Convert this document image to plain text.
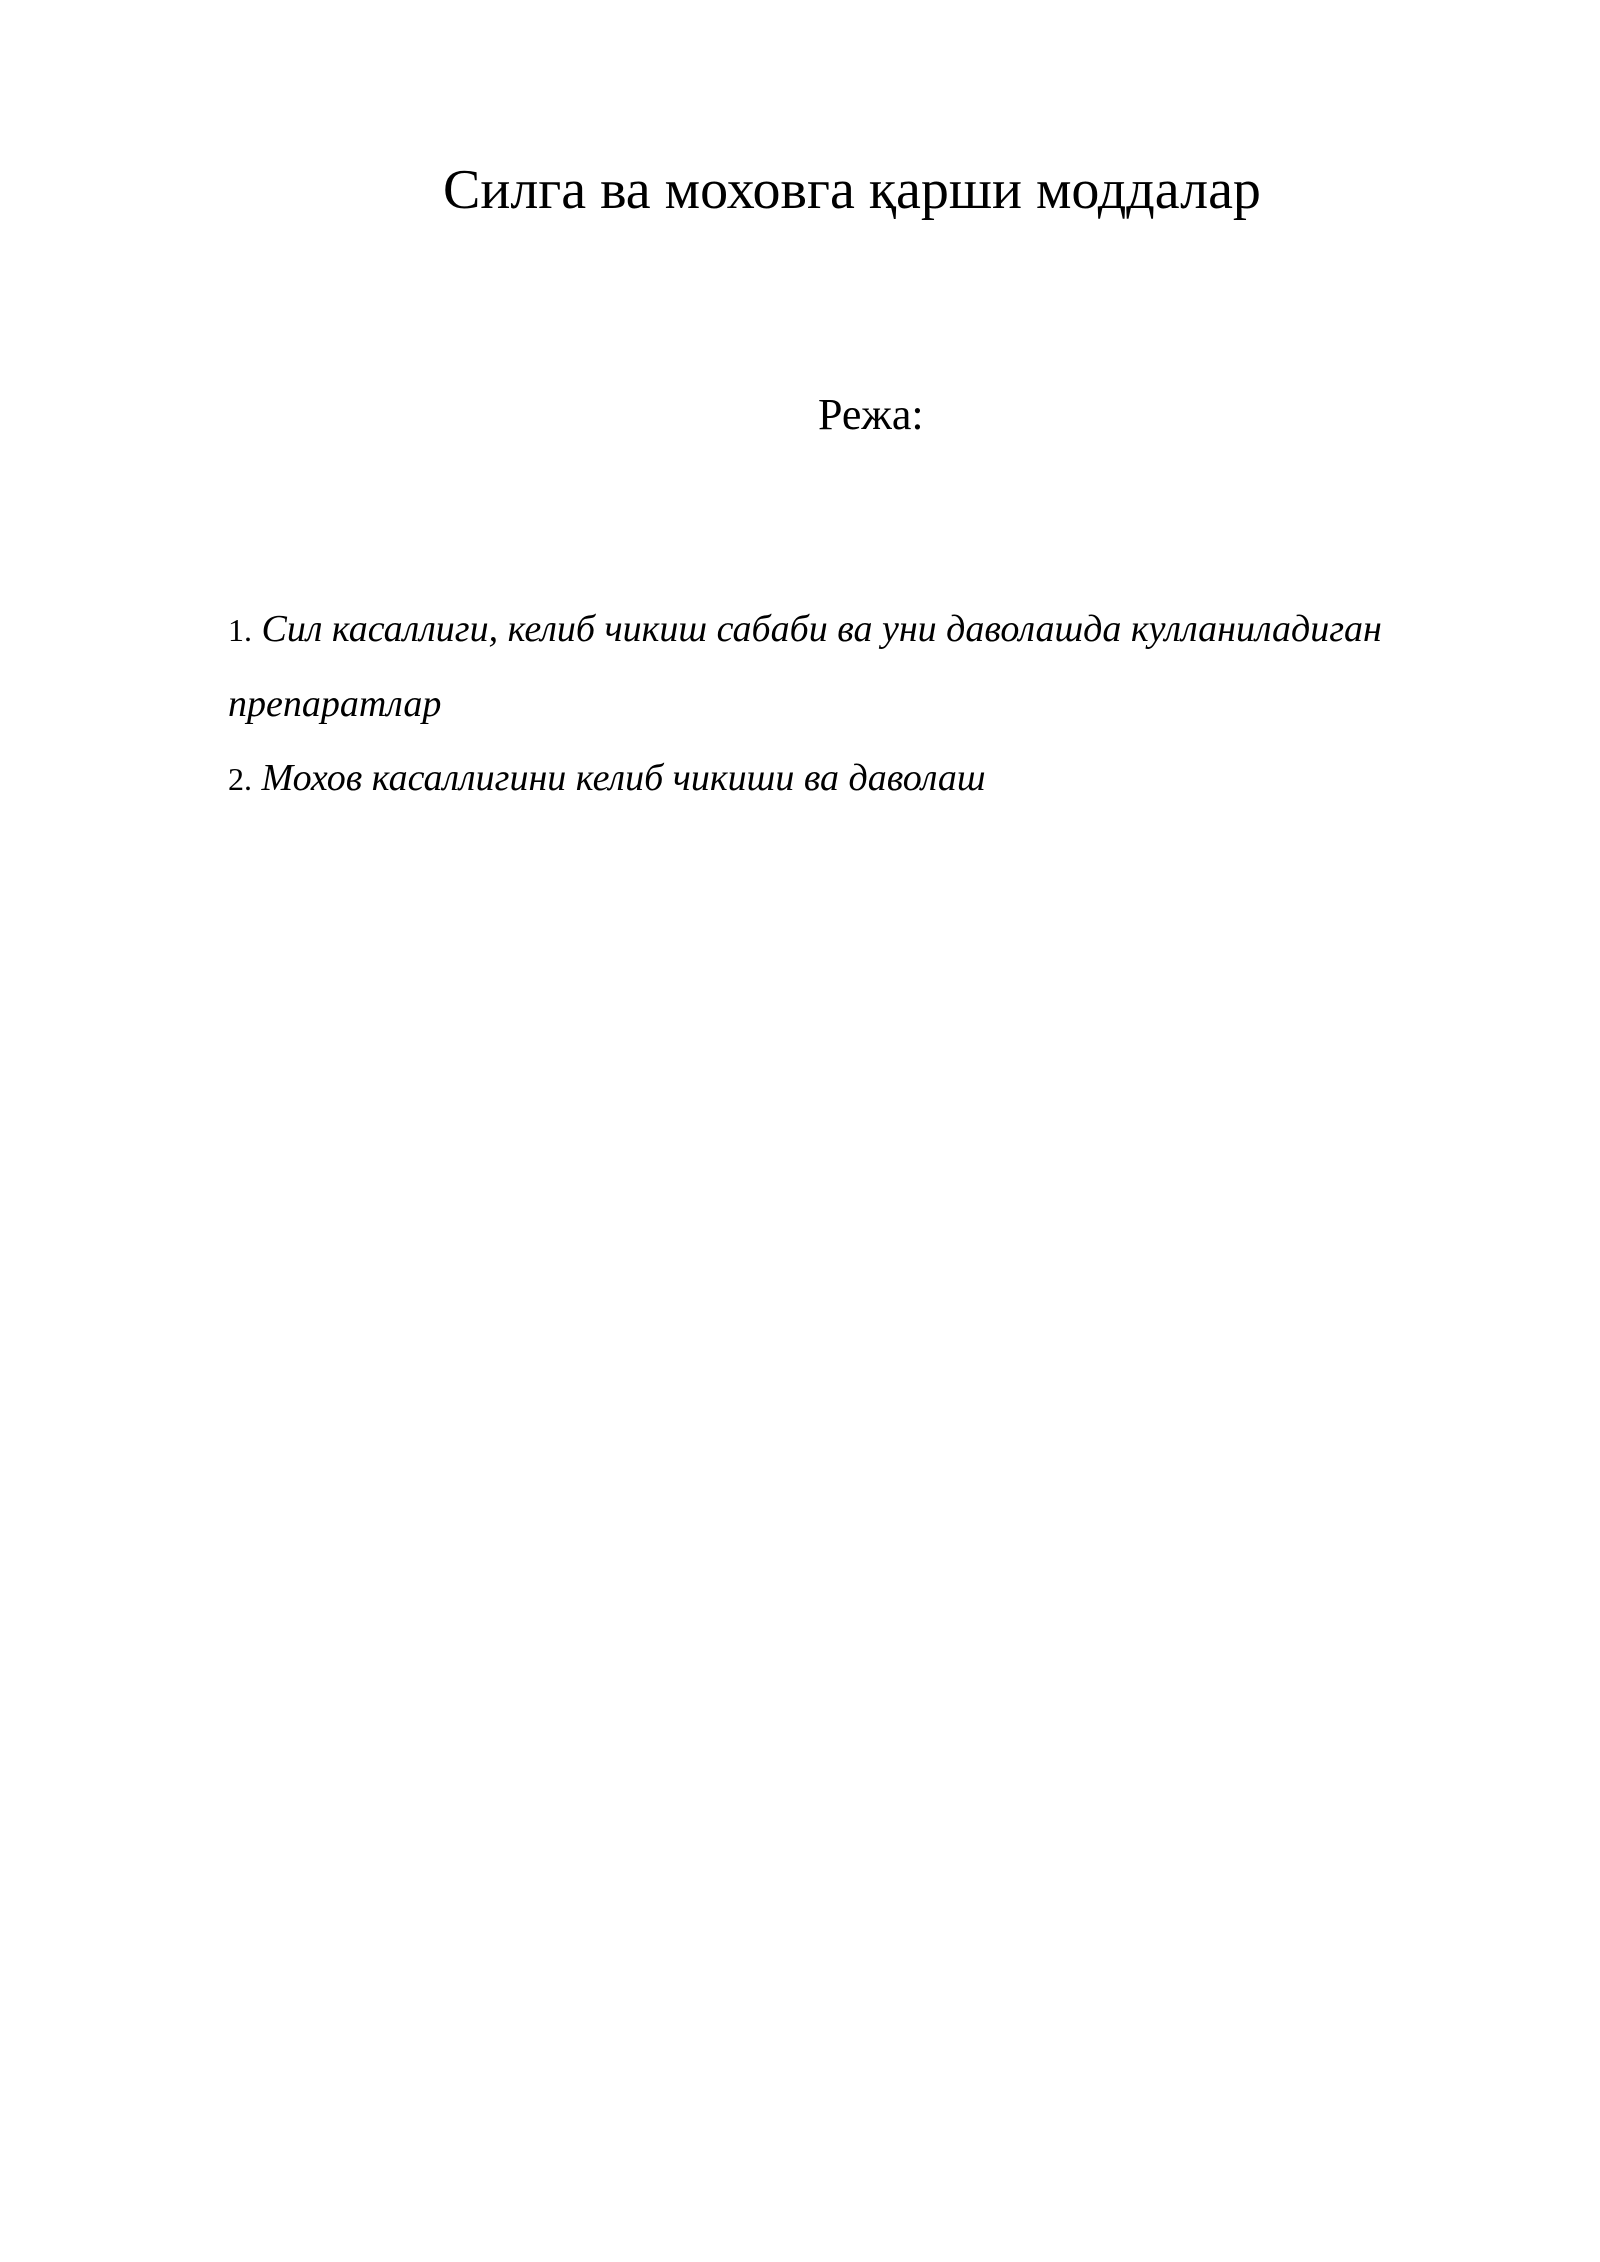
Силга ва моховга қарши моддалар
Режа:
1. Сил касаллиги, келиб чикиш сабаби ва уни даволашда кулланиладиган препаратлар
2. Мохов касаллигини келиб чикиши ва даволаш
